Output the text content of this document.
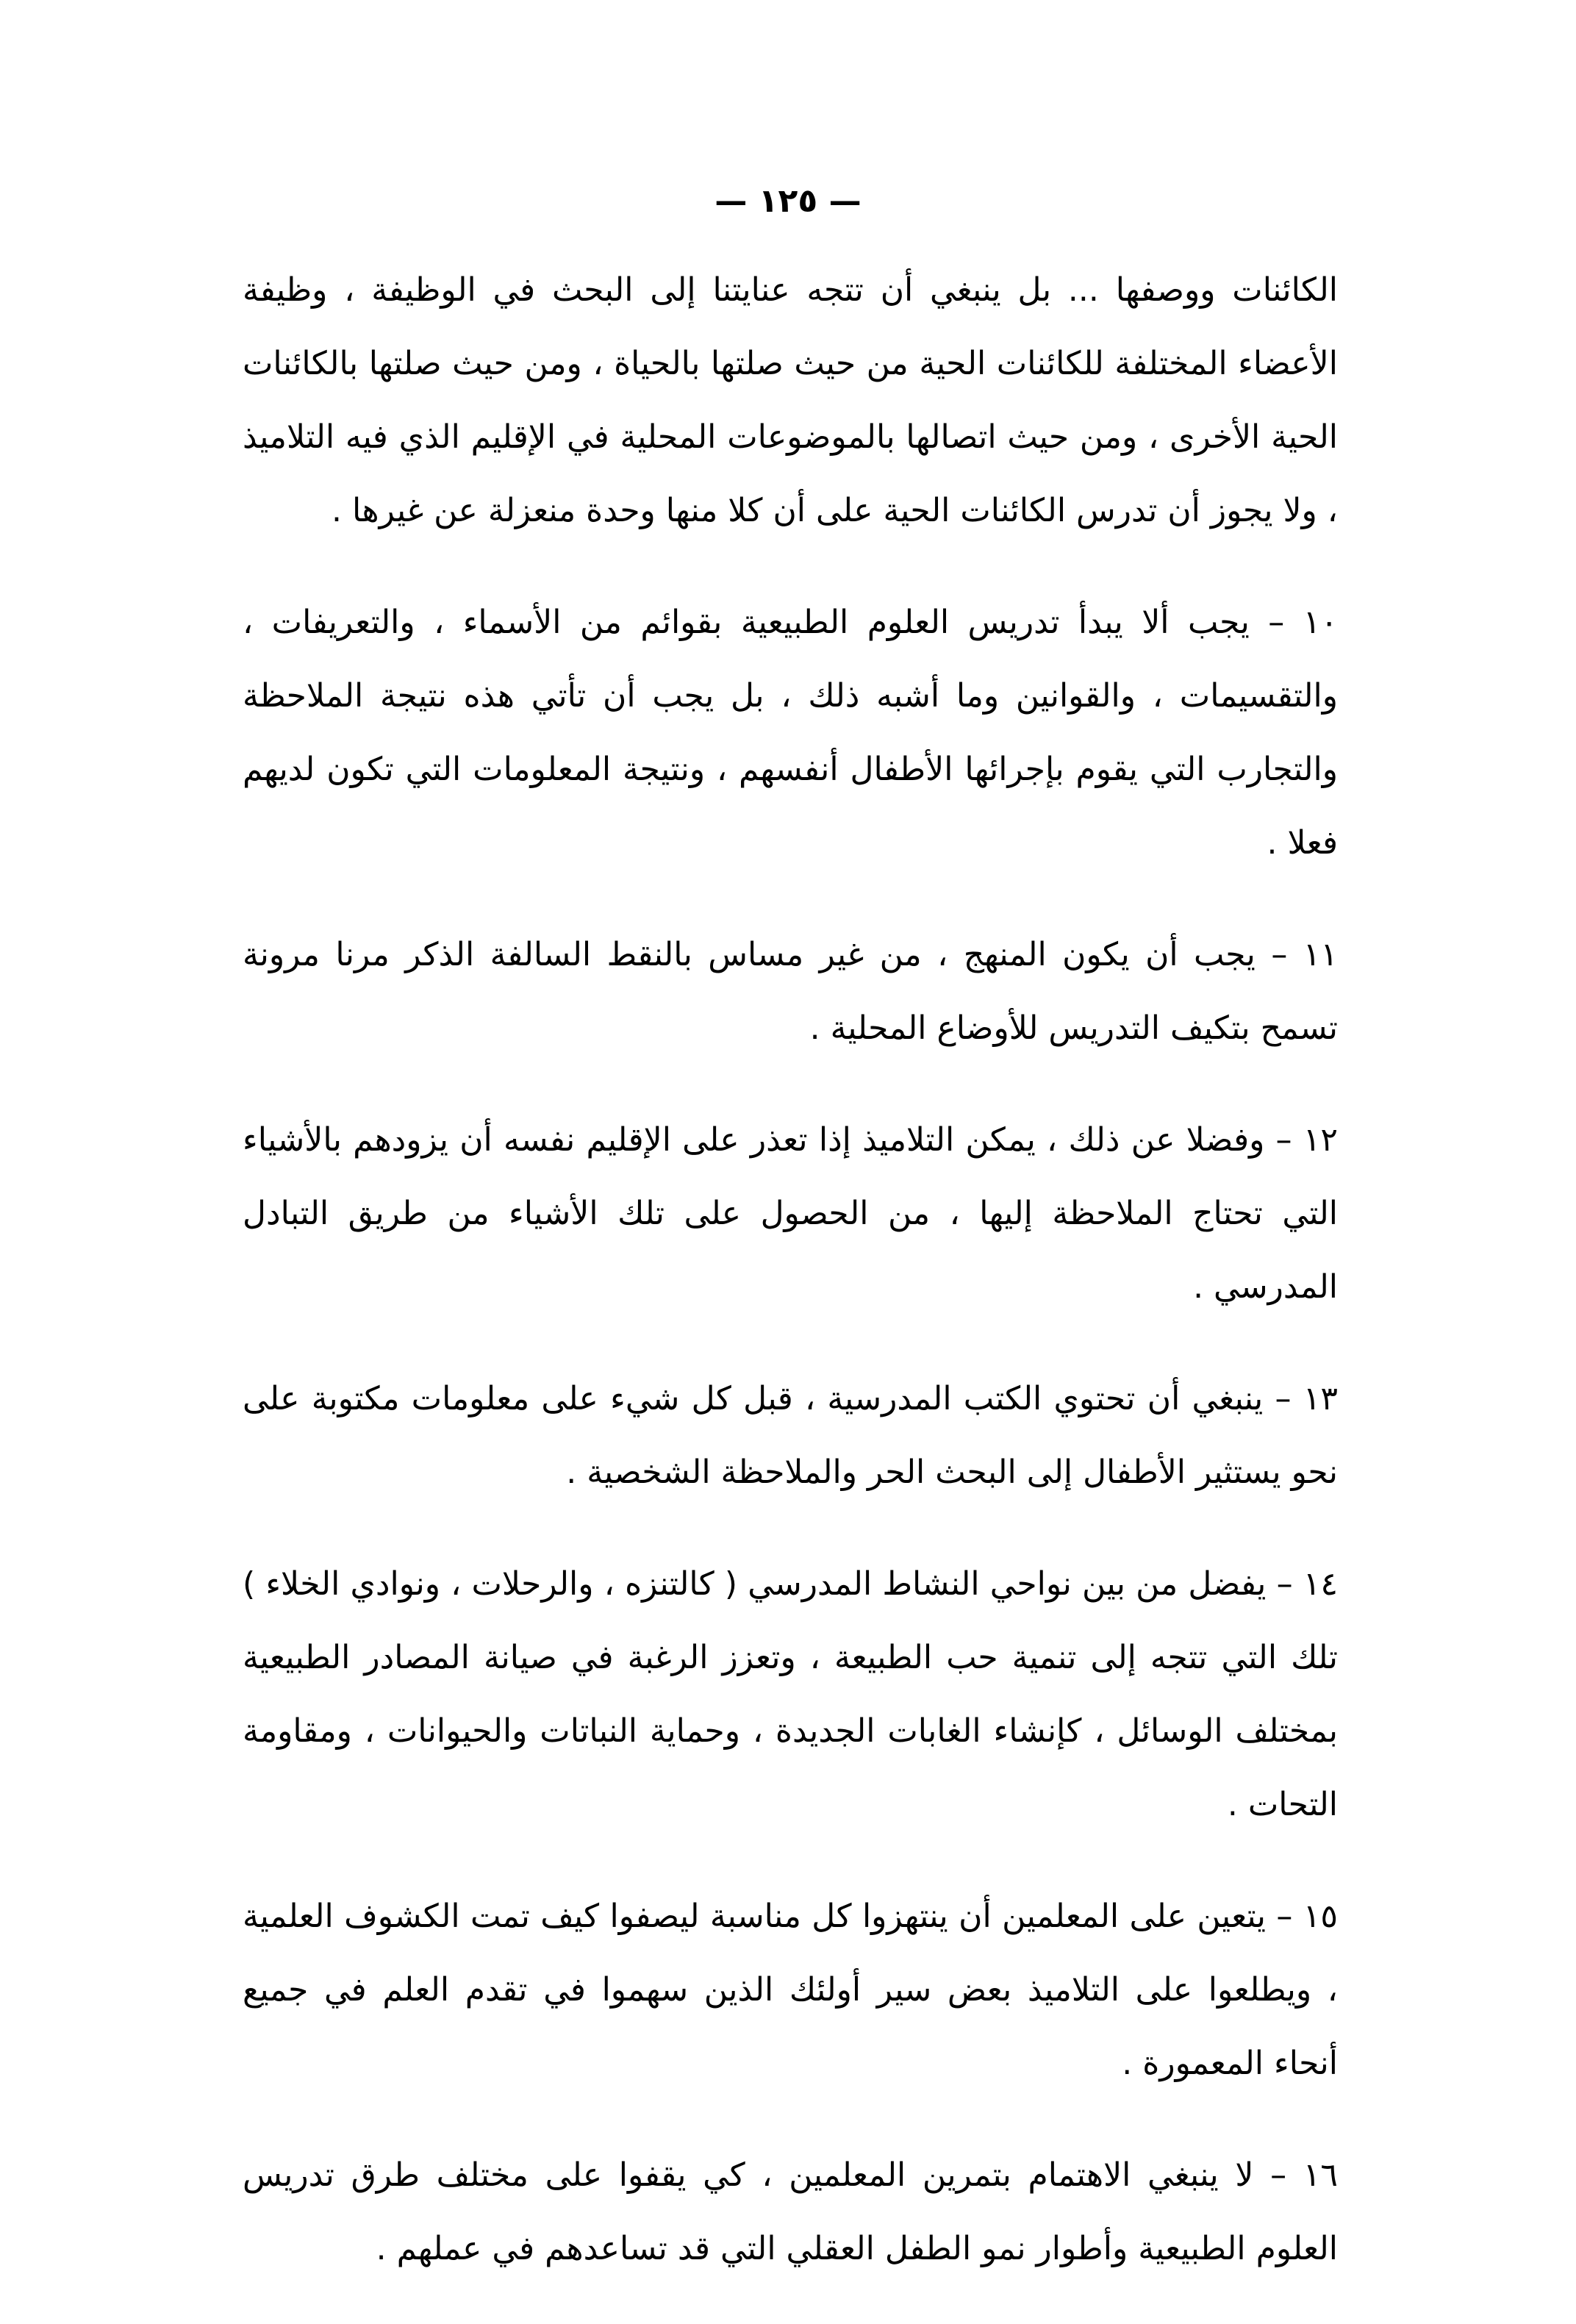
— ١٢٥ —

الكائنات ووصفها ... بل ينبغي أن تتجه عنايتنا إلى البحث في الوظيفة ، وظيفة الأعضاء المختلفة للكائنات الحية من حيث صلتها بالحياة ، ومن حيث صلتها بالكائنات الحية الأخرى ، ومن حيث اتصالها بالموضوعات المحلية في الإقليم الذي فيه التلاميذ ، ولا يجوز أن تدرس الكائنات الحية على أن كلا منها وحدة منعزلة عن غيرها .

١٠ – يجب ألا يبدأ تدريس العلوم الطبيعية بقوائم من الأسماء ، والتعريفات ، والتقسيمات ، والقوانين وما أشبه ذلك ، بل يجب أن تأتي هذه نتيجة الملاحظة والتجارب التي يقوم بإجرائها الأطفال أنفسهم ، ونتيجة المعلومات التي تكون لديهم فعلا .

١١ – يجب أن يكون المنهج ، من غير مساس بالنقط السالفة الذكر مرنا مرونة تسمح بتكيف التدريس للأوضاع المحلية .

١٢ – وفضلا عن ذلك ، يمكن التلاميذ إذا تعذر على الإقليم نفسه أن يزودهم بالأشياء التي تحتاج الملاحظة إليها ، من الحصول على تلك الأشياء من طريق التبادل المدرسي .

١٣ – ينبغي أن تحتوي الكتب المدرسية ، قبل كل شيء على معلومات مكتوبة على نحو يستثير الأطفال إلى البحث الحر والملاحظة الشخصية .

١٤ – يفضل من بين نواحي النشاط المدرسي ( كالتنزه ، والرحلات ، ونوادي الخلاء ) تلك التي تتجه إلى تنمية حب الطبيعة ، وتعزز الرغبة في صيانة المصادر الطبيعية بمختلف الوسائل ، كإنشاء الغابات الجديدة ، وحماية النباتات والحيوانات ، ومقاومة التحات .

١٥ – يتعين على المعلمين أن ينتهزوا كل مناسبة ليصفوا كيف تمت الكشوف العلمية ، ويطلعوا على التلاميذ بعض سير أولئك الذين سهموا في تقدم العلم في جميع أنحاء المعمورة .

١٦ – لا ينبغي الاهتمام بتمرين المعلمين ، كي يقفوا على مختلف طرق تدريس العلوم الطبيعية وأطوار نمو الطفل العقلي التي قد تساعدهم في عملهم .
